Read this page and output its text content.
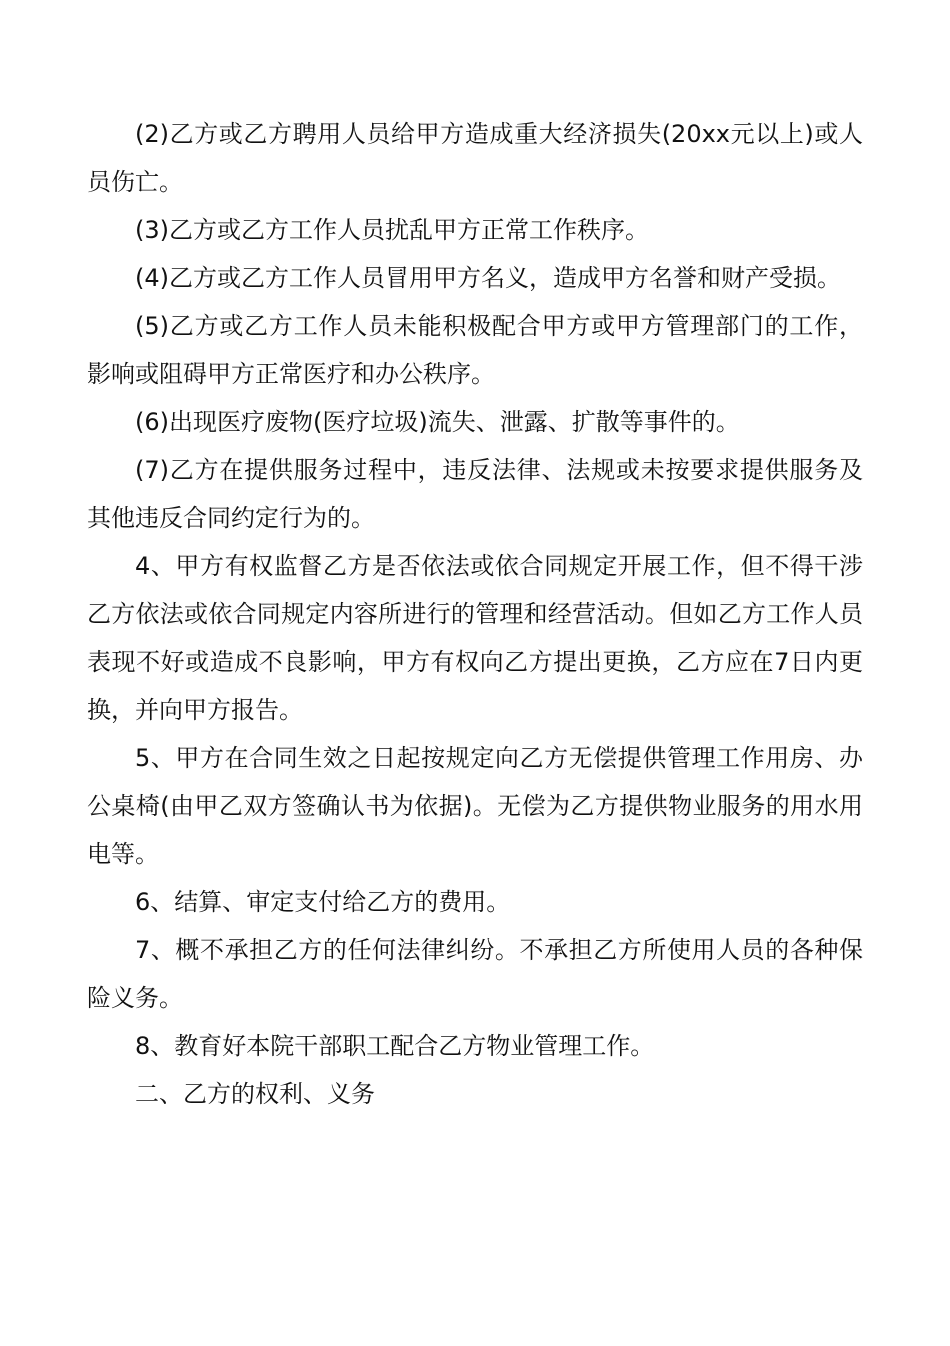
(2)乙方或乙方聘用人员给甲方造成重大经济损失(20xx元以上)或人员伤亡。

(3)乙方或乙方工作人员扰乱甲方正常工作秩序。

(4)乙方或乙方工作人员冒用甲方名义，造成甲方名誉和财产受损。

(5)乙方或乙方工作人员未能积极配合甲方或甲方管理部门的工作，影响或阻碍甲方正常医疗和办公秩序。

(6)出现医疗废物(医疗垃圾)流失、泄露、扩散等事件的。

(7)乙方在提供服务过程中，违反法律、法规或未按要求提供服务及其他违反合同约定行为的。

4、甲方有权监督乙方是否依法或依合同规定开展工作，但不得干涉乙方依法或依合同规定内容所进行的管理和经营活动。但如乙方工作人员表现不好或造成不良影响，甲方有权向乙方提出更换，乙方应在7日内更换，并向甲方报告。

5、甲方在合同生效之日起按规定向乙方无偿提供管理工作用房、办公桌椅(由甲乙双方签确认书为依据)。无偿为乙方提供物业服务的用水用电等。

6、结算、审定支付给乙方的费用。

7、概不承担乙方的任何法律纠纷。不承担乙方所使用人员的各种保险义务。

8、教育好本院干部职工配合乙方物业管理工作。

二、乙方的权利、义务
